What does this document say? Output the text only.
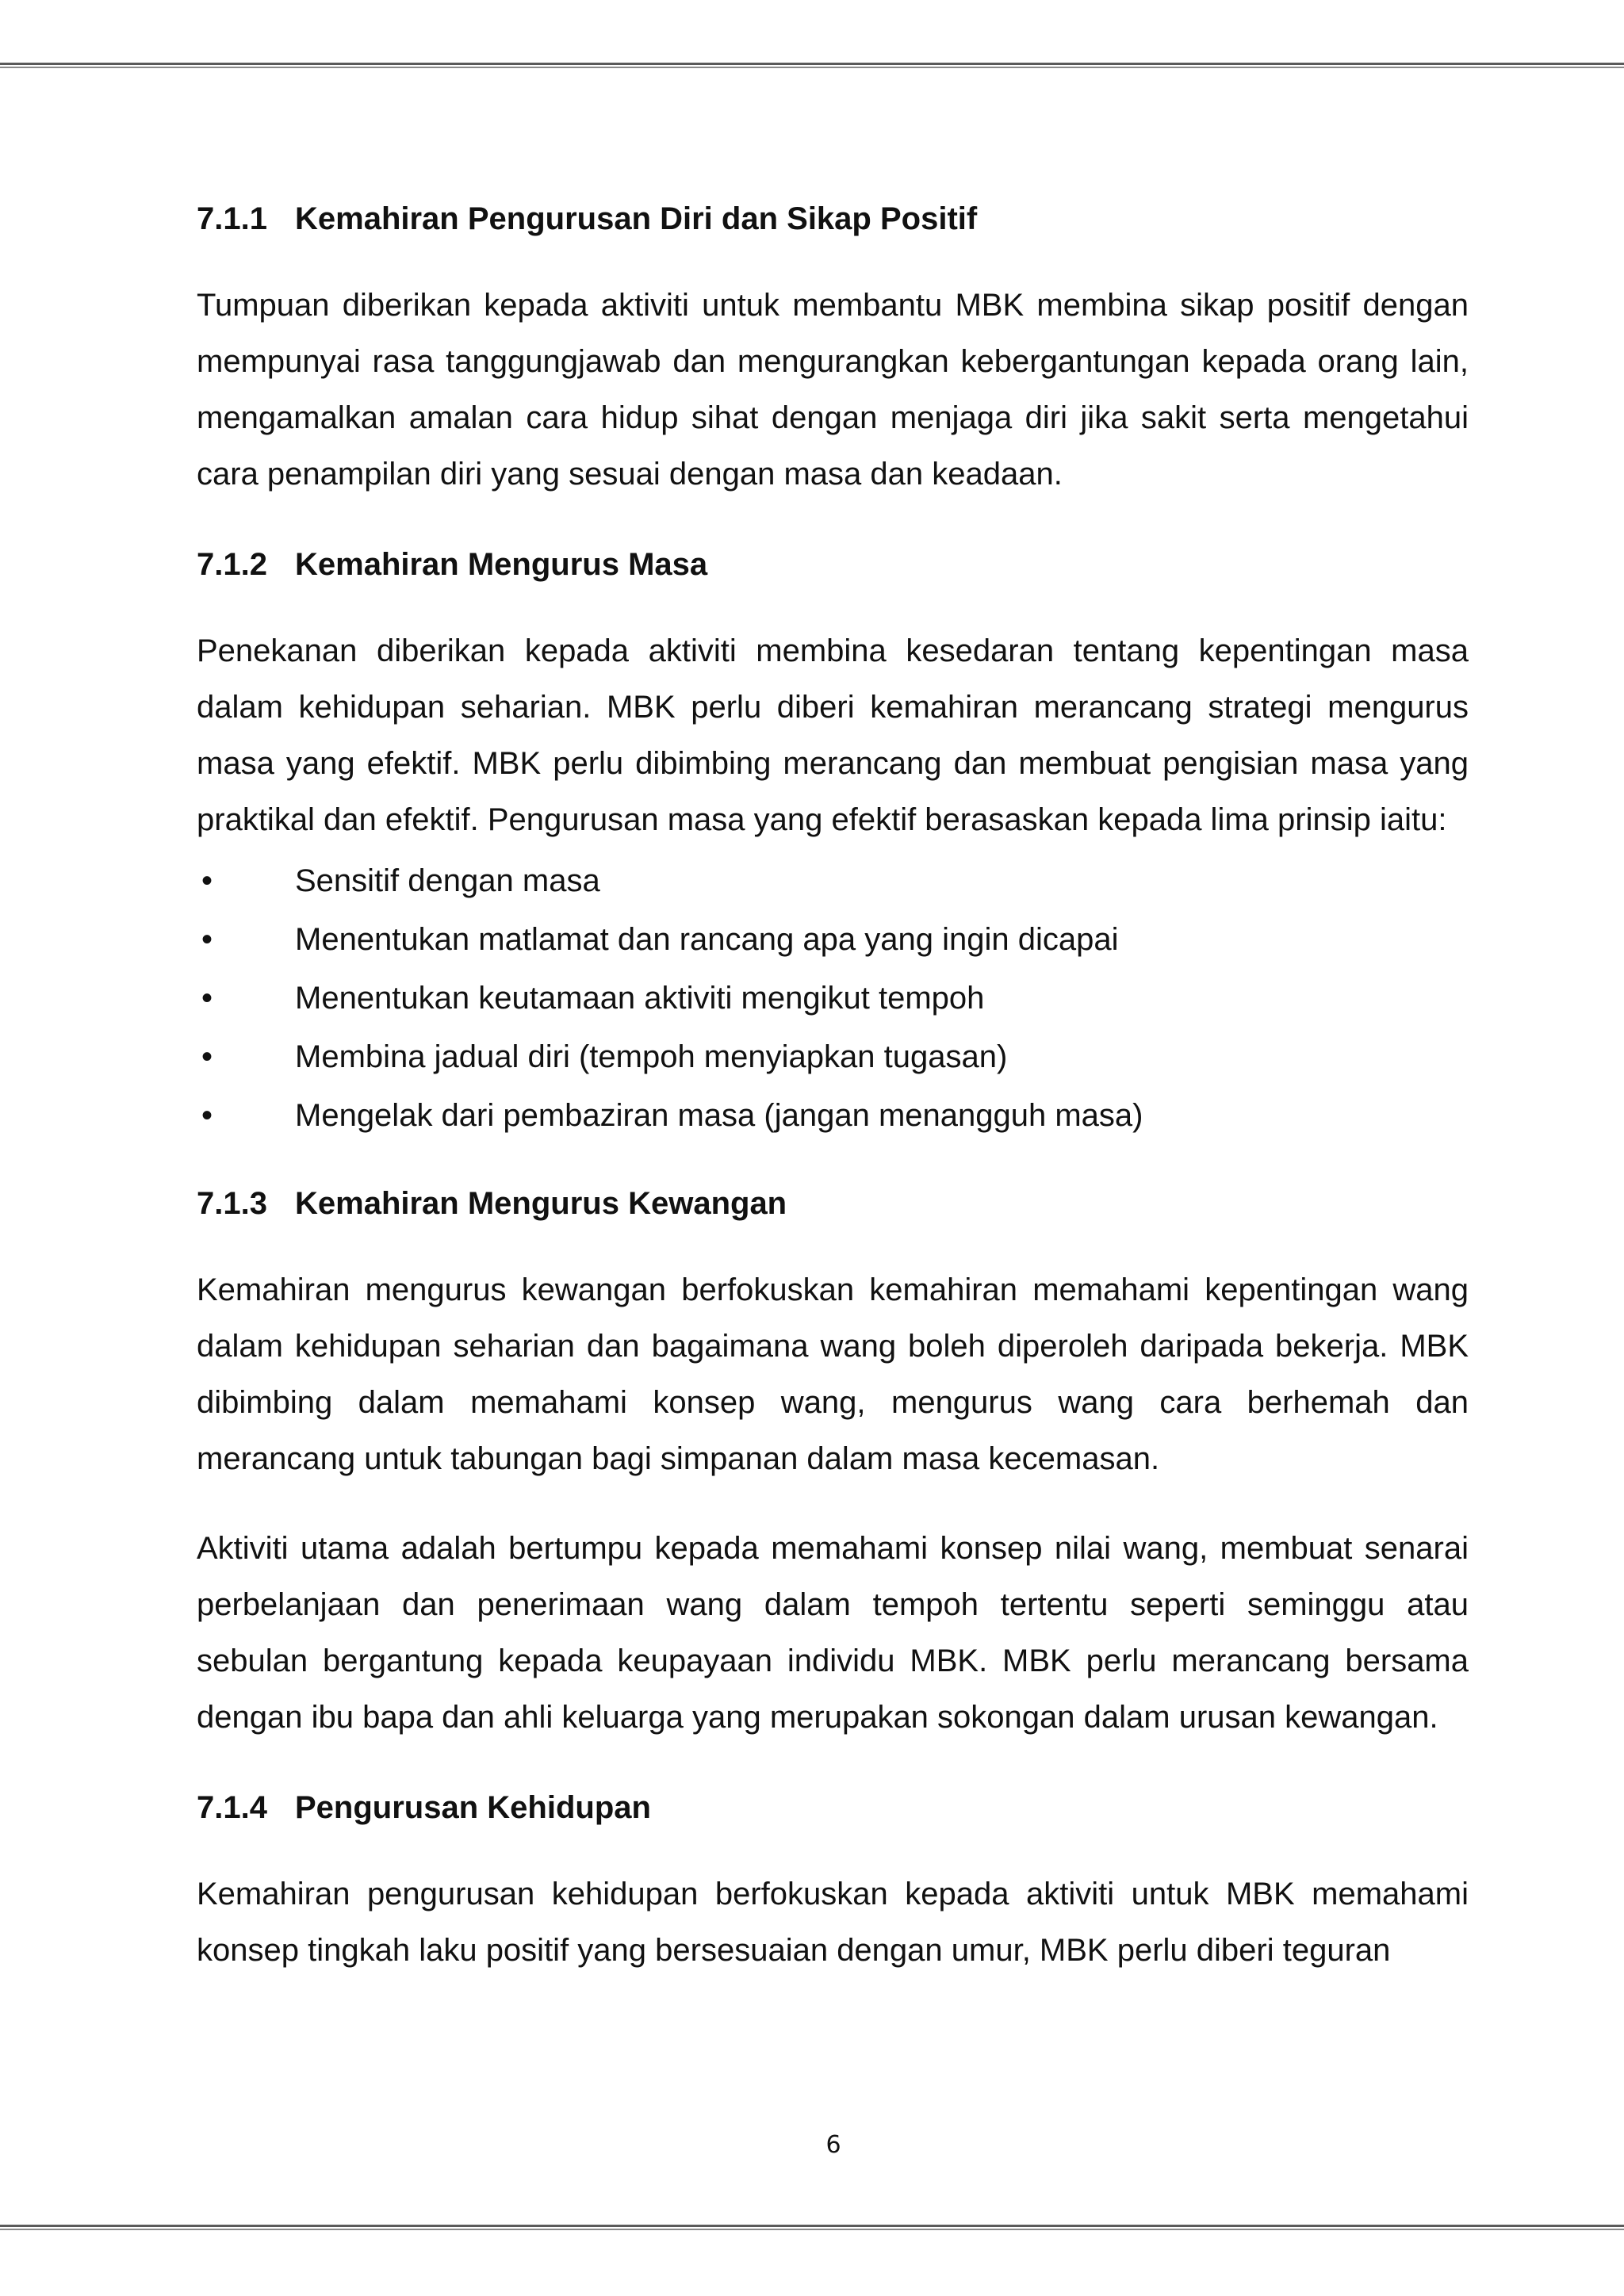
7.1.1 Kemahiran Pengurusan Diri dan Sikap Positif

Tumpuan diberikan kepada aktiviti untuk membantu MBK membina sikap positif dengan mempunyai rasa tanggungjawab dan mengurangkan kebergantungan kepada orang lain, mengamalkan amalan cara hidup sihat dengan menjaga diri jika sakit serta mengetahui cara penampilan diri yang sesuai dengan masa dan keadaan.

7.1.2 Kemahiran Mengurus Masa

Penekanan diberikan kepada aktiviti membina kesedaran tentang kepentingan masa dalam kehidupan seharian. MBK perlu diberi kemahiran merancang strategi mengurus masa yang efektif. MBK perlu dibimbing merancang dan membuat pengisian masa yang praktikal dan efektif. Pengurusan masa yang efektif berasaskan kepada lima prinsip iaitu:

•	Sensitif dengan masa
•	Menentukan matlamat dan rancang apa yang ingin dicapai
•	Menentukan keutamaan aktiviti mengikut tempoh
•	Membina jadual diri (tempoh menyiapkan tugasan)
•	Mengelak dari pembaziran masa (jangan menangguh masa)
7.1.3 Kemahiran Mengurus Kewangan

Kemahiran mengurus kewangan berfokuskan kemahiran memahami kepentingan wang dalam kehidupan seharian dan bagaimana wang boleh diperoleh daripada bekerja. MBK dibimbing dalam memahami konsep wang, mengurus wang cara berhemah dan merancang untuk tabungan bagi simpanan dalam masa kecemasan.

Aktiviti utama adalah bertumpu kepada memahami konsep nilai wang, membuat senarai perbelanjaan dan penerimaan wang dalam tempoh tertentu seperti seminggu atau sebulan bergantung kepada keupayaan individu MBK. MBK perlu merancang bersama dengan ibu bapa dan ahli keluarga yang merupakan sokongan dalam urusan kewangan.

7.1.4 Pengurusan Kehidupan

Kemahiran pengurusan kehidupan berfokuskan kepada aktiviti untuk MBK memahami konsep tingkah laku positif yang bersesuaian dengan umur, MBK perlu diberi teguran

6
